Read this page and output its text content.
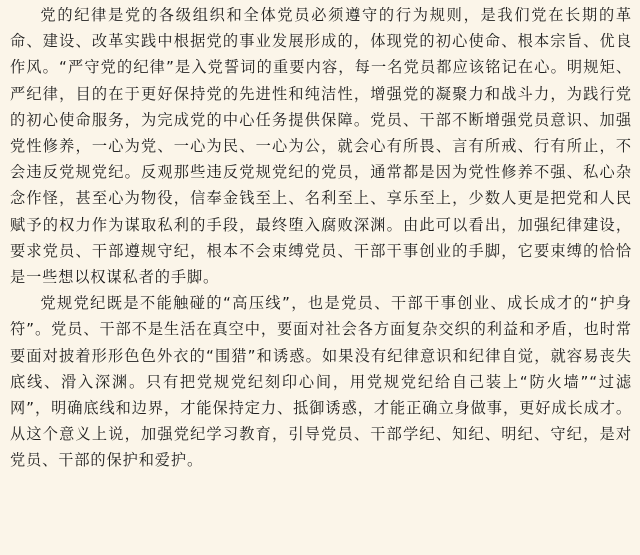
党的纪律是党的各级组织和全体党员必须遵守的行为规则，是我们党在长期的革命、建设、改革实践中根据党的事业发展形成的，体现党的初心使命、根本宗旨、优良作风。“严守党的纪律”是入党誓词的重要内容，每一名党员都应该铭记在心。明规矩、严纪律，目的在于更好保持党的先进性和纯洁性，增强党的凝聚力和战斗力，为践行党的初心使命服务，为完成党的中心任务提供保障。党员、干部不断增强党员意识、加强党性修养，一心为党、一心为民、一心为公，就会心有所畏、言有所戒、行有所止，不会违反党规党纪。反观那些违反党规党纪的党员，通常都是因为党性修养不强、私心杂念作怪，甚至心为物役，信奉金钱至上、名利至上、享乐至上，少数人更是把党和人民赋予的权力作为谋取私利的手段，最终堕入腐败深渊。由此可以看出，加强纪律建设，要求党员、干部遵规守纪，根本不会束缚党员、干部干事创业的手脚，它要束缚的恰恰是一些想以权谋私者的手脚。

党规党纪既是不能触碰的“高压线”，也是党员、干部干事创业、成长成才的“护身符”。党员、干部不是生活在真空中，要面对社会各方面复杂交织的利益和矛盾，也时常要面对披着形形色色外衣的“围猎”和诱惑。如果没有纪律意识和纪律自觉，就容易丧失底线、滑入深渊。只有把党规党纪刻印心间，用党规党纪给自己装上“防火墙”“过滤网”，明确底线和边界，才能保持定力、抵御诱惑，才能正确立身做事，更好成长成才。从这个意义上说，加强党纪学习教育，引导党员、干部学纪、知纪、明纪、守纪，是对党员、干部的保护和爱护。
